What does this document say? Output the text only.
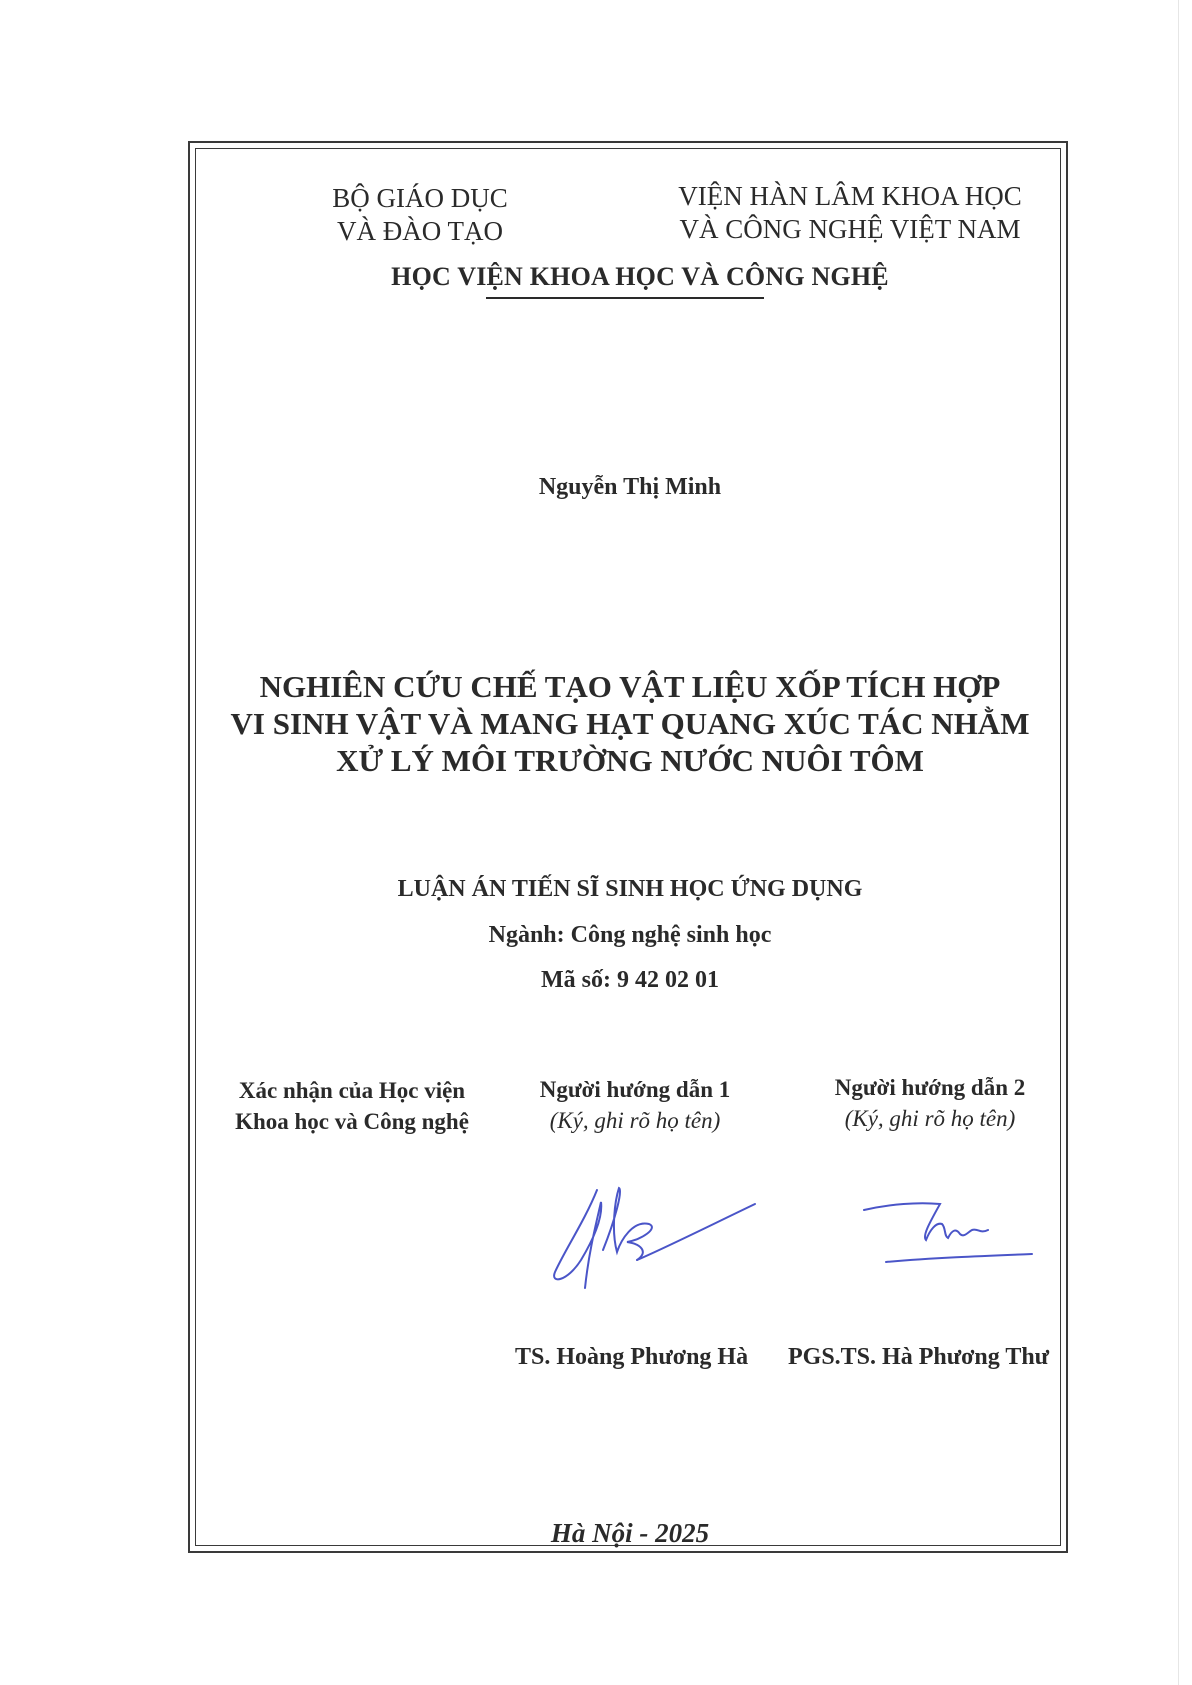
BỘ GIÁO DỤC
VÀ ĐÀO TẠO
VIỆN HÀN LÂM KHOA HỌC
VÀ CÔNG NGHỆ VIỆT NAM
HỌC VIỆN KHOA HỌC VÀ CÔNG NGHỆ
Nguyễn Thị Minh
NGHIÊN CỨU CHẾ TẠO VẬT LIỆU XỐP TÍCH HỢP
VI SINH VẬT VÀ MANG HẠT QUANG XÚC TÁC NHẰM
XỬ LÝ MÔI TRƯỜNG NƯỚC NUÔI TÔM
LUẬN ÁN TIẾN SĨ SINH HỌC ỨNG DỤNG
Ngành: Công nghệ sinh học
Mã số: 9 42 02 01
Xác nhận của Học viện
Khoa học và Công nghệ
Người hướng dẫn 1
(Ký, ghi rõ họ tên)
Người hướng dẫn 2
(Ký, ghi rõ họ tên)
TS. Hoàng Phương Hà PGS.TS. Hà Phương Thư
Hà Nội - 2025
